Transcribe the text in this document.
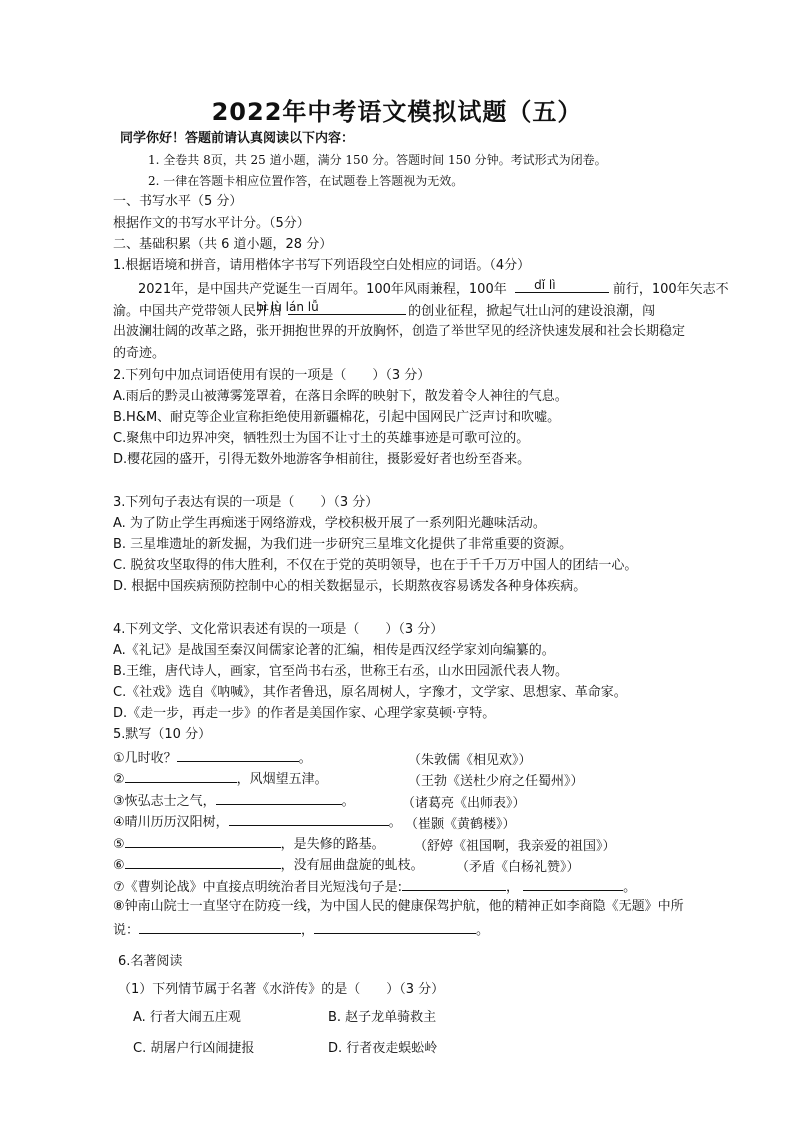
2022年中考语文模拟试题（五）
同学你好！答题前请认真阅读以下内容：
1. 全卷共 8页，共 25 道小题，满分 150 分。答题时间 150 分钟。考试形式为闭卷。
2. 一律在答题卡相应位置作答，在试题卷上答题视为无效。
一、书写水平（5 分）
根据作文的书写水平计分。（5分）
二、基础积累（共 6 道小题，28 分）
1.根据语境和拼音，请用楷体字书写下列语段空白处相应的词语。（4分）
2021年，是中国共产党诞生一百周年。100年风雨兼程，100年	dǐ lì	前行，100年矢志不
渝。中国共产党带领人民开启
bì lù lán lǚ	的创业征程，掀起气壮山河的建设浪潮，闯
出波澜壮阔的改革之路，张开拥抱世界的开放胸怀，创造了举世罕见的经济快速发展和社会长期稳定
的奇迹。
2.下列句中加点词语使用有误的一项是（　　）（3 分）
A.雨后的黔灵山被薄雾笼罩着，在落日余晖的映射下，散发着令人神往的气息。
B.H&M、耐克等企业宣称拒绝使用新疆棉花，引起中国网民广泛声讨和吹嘘。
C.聚焦中印边界冲突，牺牲烈士为国不让寸土的英雄事迹是可歌可泣的。
D.樱花园的盛开，引得无数外地游客争相前往，摄影爱好者也纷至沓来。
3.下列句子表达有误的一项是（　　）（3 分）
A. 为了防止学生再痴迷于网络游戏，学校积极开展了一系列阳光趣味活动。
B. 三星堆遗址的新发掘，为我们进一步研究三星堆文化提供了非常重要的资源。
C. 脱贫攻坚取得的伟大胜利，不仅在于党的英明领导，也在于千千万万中国人的团结一心。
D. 根据中国疾病预防控制中心的相关数据显示，长期熬夜容易诱发各种身体疾病。
4.下列文学、文化常识表述有误的一项是（　　）（3 分）
A.《礼记》是战国至秦汉间儒家论著的汇编，相传是西汉经学家刘向编纂的。
B.王维，唐代诗人，画家，官至尚书右丞，世称王右丞，山水田园派代表人物。
C.《社戏》选自《呐喊》，其作者鲁迅，原名周树人，字豫才，文学家、思想家、革命家。
D.《走一步，再走一步》的作者是美国作家、心理学家莫顿·亨特。
5.默写（10 分）
①几时收？	。	（朱敦儒《相见欢》）
②	，风烟望五津。	（王勃《送杜少府之任蜀州》）
③恢弘志士之气，	。	（诸葛亮《出师表》）
④晴川历历汉阳树，	。 （崔颢《黄鹤楼》）
⑤	，是失修的路基。 （舒婷《祖国啊，我亲爱的祖国》）
⑥	，没有屈曲盘旋的虬枝。 （矛盾《白杨礼赞》）
⑦《曹刿论战》中直接点明统治者目光短浅句子是:	，	。
⑧钟南山院士一直坚守在防疫一线，为中国人民的健康保驾护航，他的精神正如李商隐《无题》中所
说：	，	。
6.名著阅读
（1）下列情节属于名著《水浒传》的是（　　）（3 分）
A. 行者大闹五庄观	B. 赵子龙单骑救主
C. 胡屠户行凶闹捷报	D. 行者夜走蜈蚣岭
